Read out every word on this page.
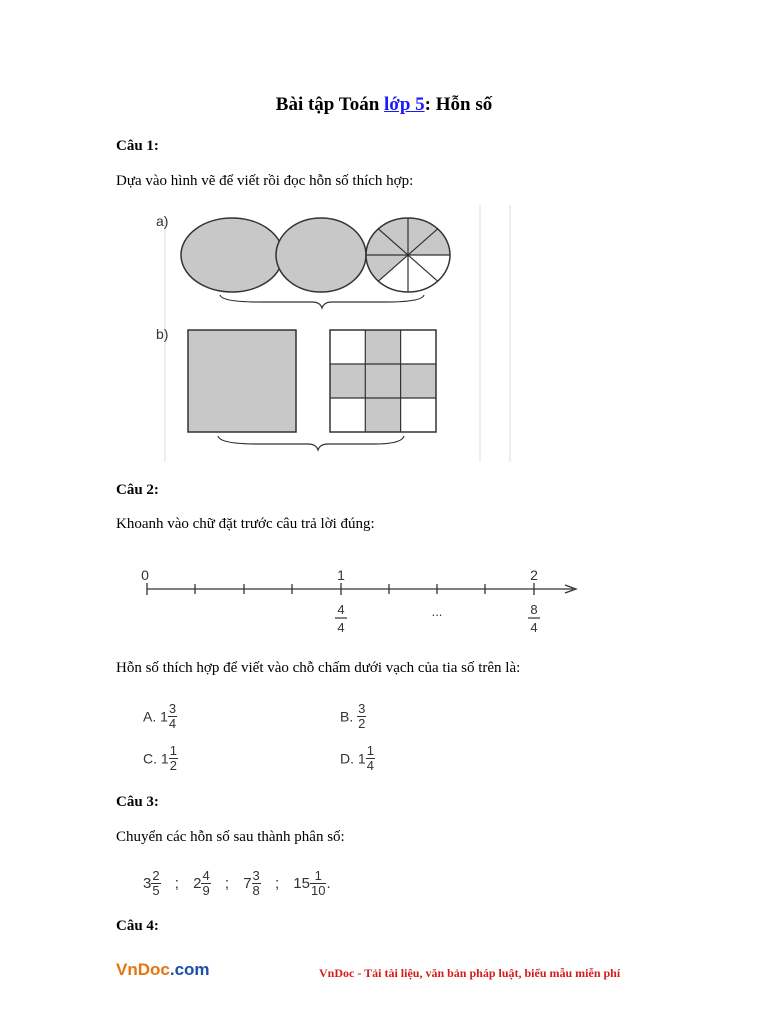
Bài tập Toán lớp 5: Hỗn số
Câu 1:
Dựa vào hình vẽ để viết rồi đọc hỗn số thích hợp:
a)
b)
Câu 2:
Khoanh vào chữ đặt trước câu trả lời đúng:
0	1	2
4
4
...	8
4
Hỗn số thích hợp để viết vào chỗ chấm dưới vạch của tia số trên là:
A. $1 \frac{3}{4}$	B. $\frac{3}{2}$
C. $1 \frac{1}{2}$	D. $1 \frac{1}{4}$
Câu 3:
Chuyển các hỗn số sau thành phân số:
$3 \frac{2}{5}$ ; $2 \frac{4}{9}$ ; $7 \frac{3}{8}$ ; $15 \frac{1}{10}$ .
Câu 4:
VnDoc.com	VnDoc - Tải tài liệu, văn bản pháp luật, biểu mẫu miễn phí
